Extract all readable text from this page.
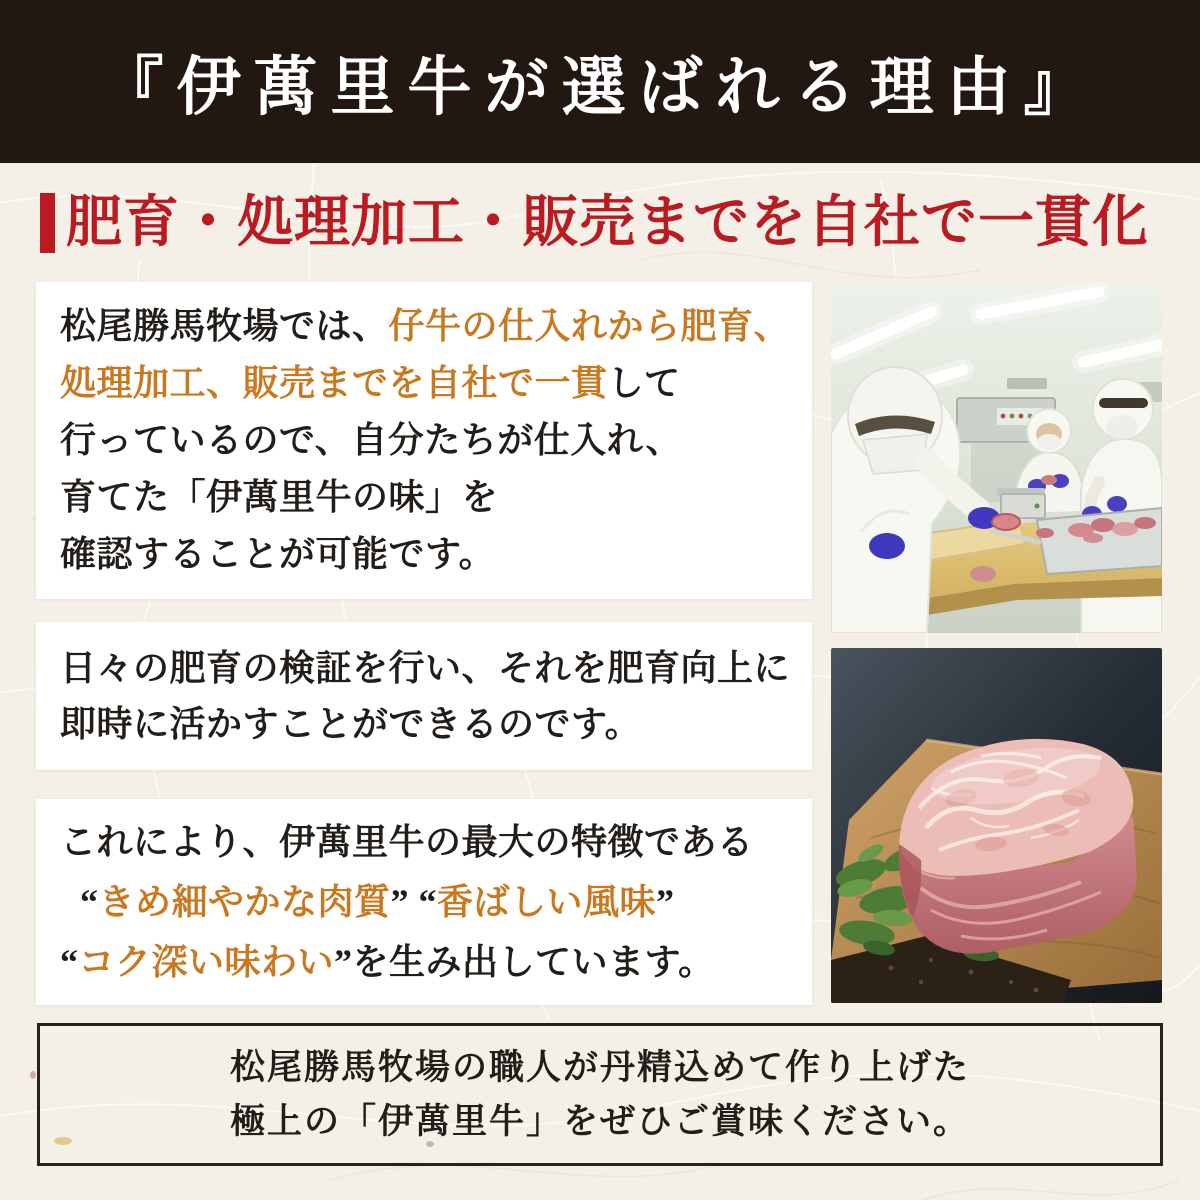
『伊萬里牛が選ばれる理由』
肥育・処理加工・販売までを自社で一貫化

松尾勝馬牧場では、仔牛の仕入れから肥育、

処理加工、販売までを自社で一貫して

行っているので、自分たちが仕入れ、

育てた「伊萬里牛の味」を

確認することが可能です。

日々の肥育の検証を行い、それを肥育向上に

即時に活かすことができるのです。

これにより、伊萬里牛の最大の特徴である

“きめ細やかな肉質” “香ばしい風味”

“コク深い味わい”を生み出しています。

松尾勝馬牧場の職人が丹精込めて作り上げた

極上の「伊萬里牛」をぜひご賞味ください。
